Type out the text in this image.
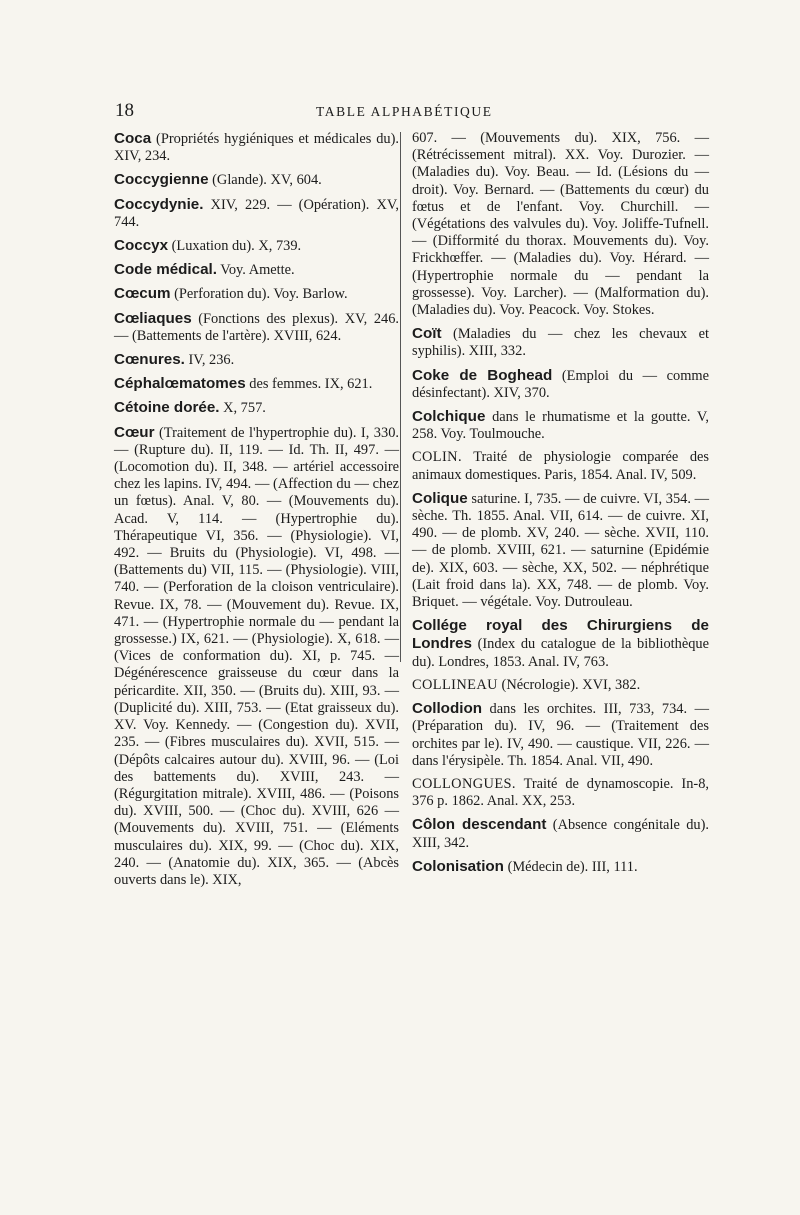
18	TABLE ALPHABÉTIQUE

Coca (Propriétés hygiéniques et médicales du). XIV, 234.

Coccygienne (Glande). XV, 604.

Coccydynie. XIV, 229. — (Opération). XV, 744.

Coccyx (Luxation du). X, 739.

Code médical. Voy. Amette.

Cœcum (Perforation du). Voy. Barlow.

Cœliaques (Fonctions des plexus). XV, 246. — (Battements de l'artère). XVIII, 624.

Cœnures. IV, 236.

Céphalœmatomes des femmes. IX, 621.

Cétoine dorée. X, 757.

Cœur (Traitement de l'hypertrophie du). I, 330. — (Rupture du). II, 119. — Id. Th. II, 497. — (Locomotion du). II, 348. — artériel accessoire chez les lapins. IV, 494. — (Affection du — chez un fœtus). Anal. V, 80. — (Mouvements du). Acad. V, 114. — (Hypertrophie du). Thérapeutique VI, 356. — (Physiologie). VI, 492. — Bruits du (Physiologie). VI, 498. — (Battements du) VII, 115. — (Physiologie). VIII, 740. — (Perforation de la cloison ventriculaire). Revue. IX, 78. — (Mouvement du). Revue. IX, 471. — (Hypertrophie normale du — pendant la grossesse.) IX, 621. — (Physiologie). X, 618. — (Vices de conformation du). XI, p. 745. — Dégénérescence graisseuse du cœur dans la péricardite. XII, 350. — (Bruits du). XIII, 93. — (Duplicité du). XIII, 753. — (Etat graisseux du). XV. Voy. Kennedy. — (Congestion du). XVII, 235. — (Fibres musculaires du). XVII, 515. — (Dépôts calcaires autour du). XVIII, 96. — (Loi des battements du). XVIII, 243. — (Régurgitation mitrale). XVIII, 486. — (Poisons du). XVIII, 500. — (Choc du). XVIII, 626 — (Mouvements du). XVIII, 751. — (Eléments musculaires du). XIX, 99. — (Choc du). XIX, 240. — (Anatomie du). XIX, 365. — (Abcès ouverts dans le). XIX,

607. — (Mouvements du). XIX, 756. — (Rétrécissement mitral). XX. Voy. Durozier. — (Maladies du). Voy. Beau. — Id. (Lésions du — droit). Voy. Bernard. — (Battements du cœur) du fœtus et de l'enfant. Voy. Churchill. — (Végétations des valvules du). Voy. Joliffe-Tufnell. — (Difformité du thorax. Mouvements du). Voy. Frickhœffer. — (Maladies du). Voy. Hérard. — (Hypertrophie normale du — pendant la grossesse). Voy. Larcher). — (Malformation du). (Maladies du). Voy. Peacock. Voy. Stokes.

Coït (Maladies du — chez les chevaux et syphilis). XIII, 332.

Coke de Boghead (Emploi du — comme désinfectant). XIV, 370.

Colchique dans le rhumatisme et la goutte. V, 258. Voy. Toulmouche.

COLIN. Traité de physiologie comparée des animaux domestiques. Paris, 1854. Anal. IV, 509.

Colique saturine. I, 735. — de cuivre. VI, 354. — sèche. Th. 1855. Anal. VII, 614. — de cuivre. XI, 490. — de plomb. XV, 240. — sèche. XVII, 110. — de plomb. XVIII, 621. — saturnine (Epidémie de). XIX, 603. — sèche, XX, 502. — néphrétique (Lait froid dans la). XX, 748. — de plomb. Voy. Briquet. — végétale. Voy. Dutrouleau.

Collége royal des Chirurgiens de Londres (Index du catalogue de la bibliothèque du). Londres, 1853. Anal. IV, 763.

COLLINEAU (Nécrologie). XVI, 382.

Collodion dans les orchites. III, 733, 734. — (Préparation du). IV, 96. — (Traitement des orchites par le). IV, 490. — caustique. VII, 226. — dans l'érysipèle. Th. 1854. Anal. VII, 490.

COLLONGUES. Traité de dynamoscopie. In-8, 376 p. 1862. Anal. XX, 253.

Côlon descendant (Absence congénitale du). XIII, 342.

Colonisation (Médecin de). III, 111.
